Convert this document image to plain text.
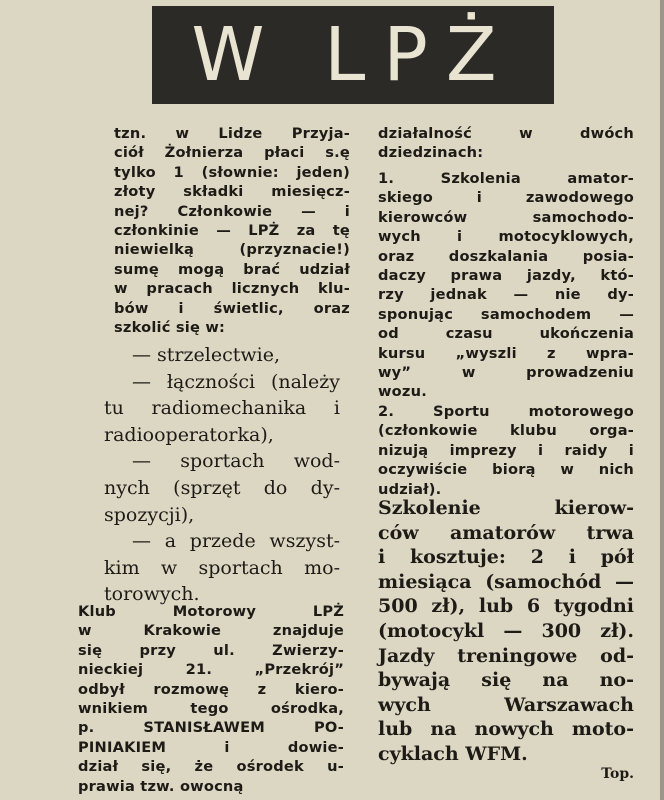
W LPŻ
tzn. w Lidze Przyja-
ciół Żołnierza płaci s.ę
tylko 1 (słownie: jeden)
złoty składki miesięcz-
nej? Członkowie — i
członkinie — LPŻ za tę
niewielką (przyznacie!)
sumę mogą brać udział
w pracach licznych klu-
bów i świetlic, oraz
szkolić się w:
— strzelectwie,
— łączności (należy
tu radiomechanika i
radiooperatorka),
— sportach wod-
nych (sprzęt do dy-
spozycji),
— a przede wszyst-
kim w sportach mo-
torowych.
Klub Motorowy LPŻ
w Krakowie znajduje
się przy ul. Zwierzy-
nieckiej 21. „Przekrój”
odbył rozmowę z kiero-
wnikiem tego ośrodka,
p. STANISŁAWEM PO-
PINIAKIEM i dowie-
dział się, że ośrodek u-
prawia tzw. owocną
działalność w dwóch
dziedzinach:
1. Szkolenia amator-
skiego i zawodowego
kierowców samochodo-
wych i motocyklowych,
oraz doszkalania posia-
daczy prawa jazdy, któ-
rzy jednak — nie dy-
sponując samochodem —
od czasu ukończenia
kursu „wyszli z wpra-
wy” w prowadzeniu
wozu.
2. Sportu motorowego
(członkowie klubu orga-
nizują imprezy i raidy i
oczywiście biorą w nich
udział).
Szkolenie kierow-
ców amatorów trwa
i kosztuje: 2 i pół
miesiąca (samochód —
500 zł), lub 6 tygodni
(motocykl — 300 zł).
Jazdy treningowe od-
bywają się na no-
wych Warszawach
lub na nowych moto-
cyklach WFM.
Top.
